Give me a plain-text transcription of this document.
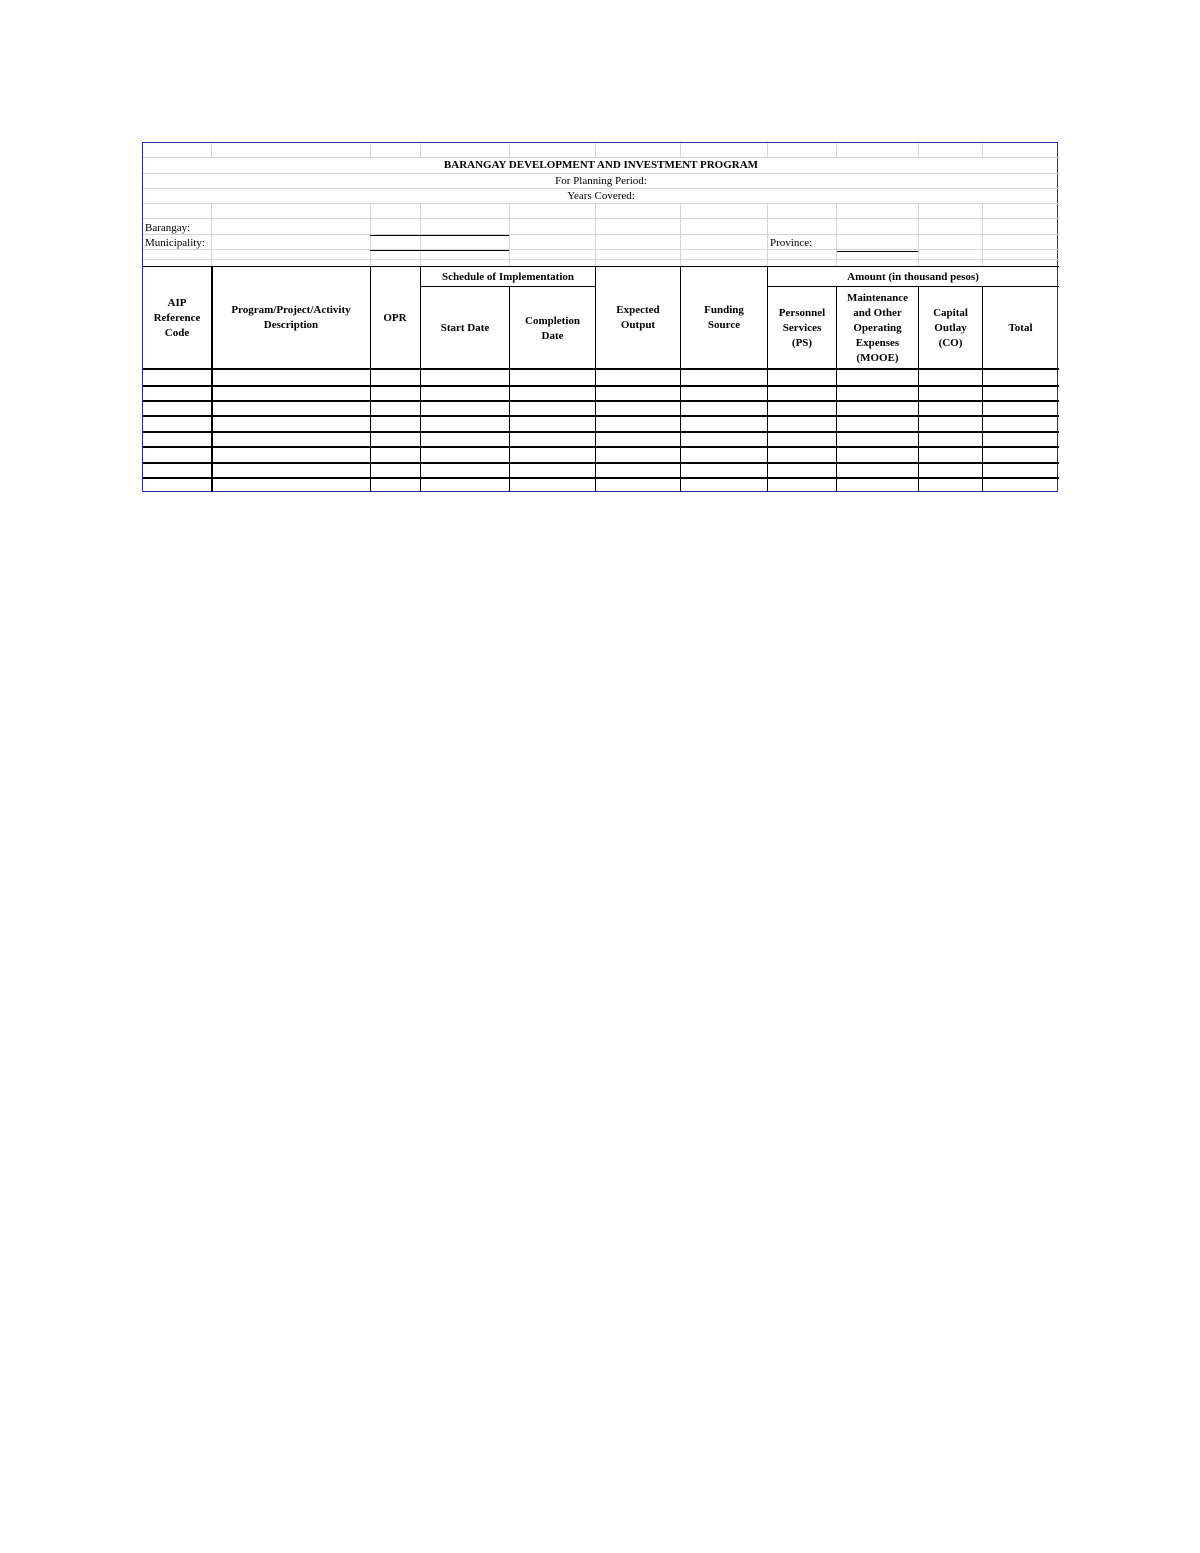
BARANGAY DEVELOPMENT AND INVESTMENT PROGRAM
For Planning Period:
Years Covered:
Barangay:
Municipality:	Province:
AIP
Reference
Code
Program/Project/Activity
Description
OPR
Schedule of Implementation
Start Date
Completion
Date
Expected
Output
Funding
Source
Amount (in thousand pesos)
Personnel
Services
(PS)
Maintenance
and Other
Operating
Expenses
(MOOE)
Capital
Outlay
(CO)
Total
